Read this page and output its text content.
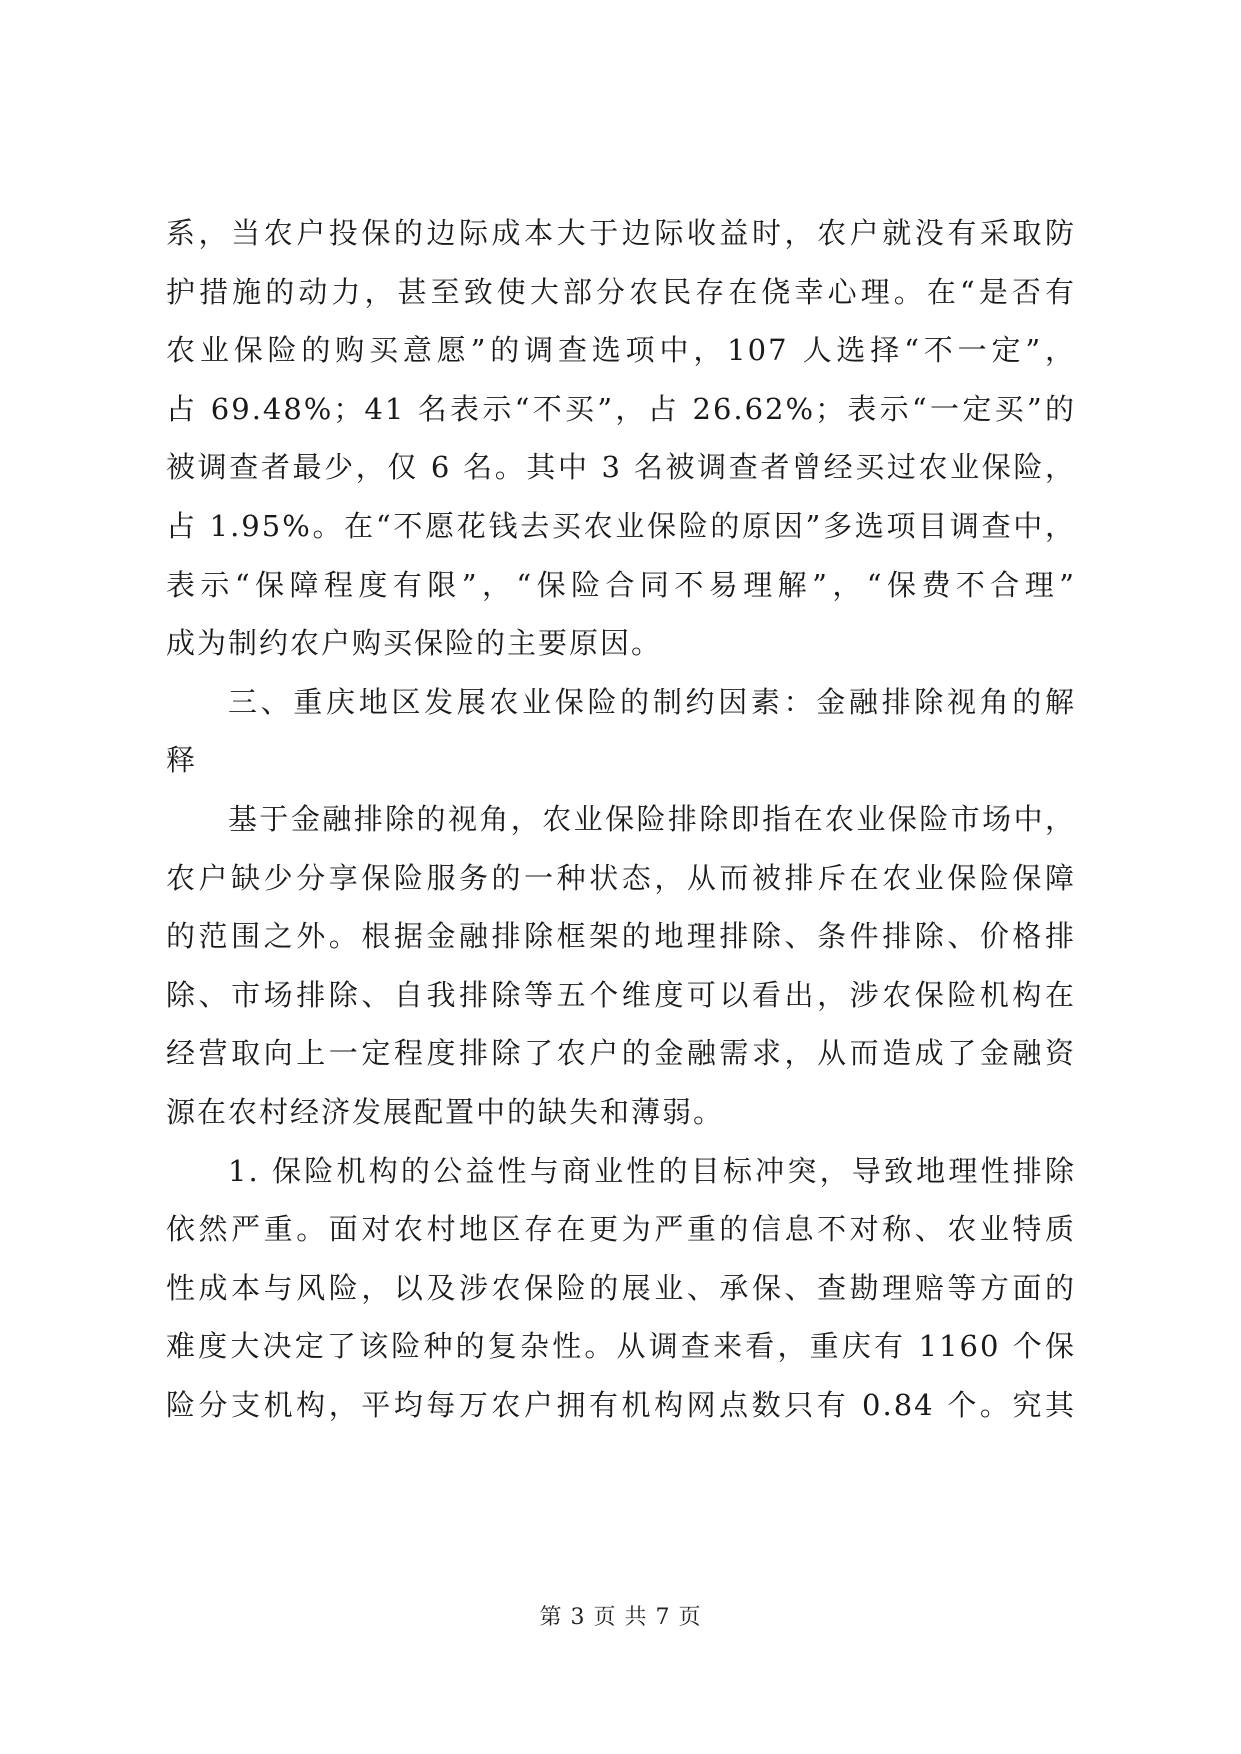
系，当农户投保的边际成本大于边际收益时，农户就没有采取防
护措施的动力，甚至致使大部分农民存在侥幸心理。在“是否有
农业保险的购买意愿”的调查选项中，107 人选择“不一定”，
占 69.48%；41 名表示“不买”，占 26.62%；表示“一定买”的
被调查者最少，仅 6 名。其中 3 名被调查者曾经买过农业保险，
占 1.95%。在“不愿花钱去买农业保险的原因”多选项目调查中，
表示“保障程度有限”，“保险合同不易理解”，“保费不合理”
成为制约农户购买保险的主要原因。
三、重庆地区发展农业保险的制约因素：金融排除视角的解
释
基于金融排除的视角，农业保险排除即指在农业保险市场中，
农户缺少分享保险服务的一种状态，从而被排斥在农业保险保障
的范围之外。根据金融排除框架的地理排除、条件排除、价格排
除、市场排除、自我排除等五个维度可以看出，涉农保险机构在
经营取向上一定程度排除了农户的金融需求，从而造成了金融资
源在农村经济发展配置中的缺失和薄弱。
1. 保险机构的公益性与商业性的目标冲突，导致地理性排除
依然严重。面对农村地区存在更为严重的信息不对称、农业特质
性成本与风险，以及涉农保险的展业、承保、查勘理赔等方面的
难度大决定了该险种的复杂性。从调查来看，重庆有 1160 个保
险分支机构，平均每万农户拥有机构网点数只有 0.84 个。究其
第 3 页 共 7 页
